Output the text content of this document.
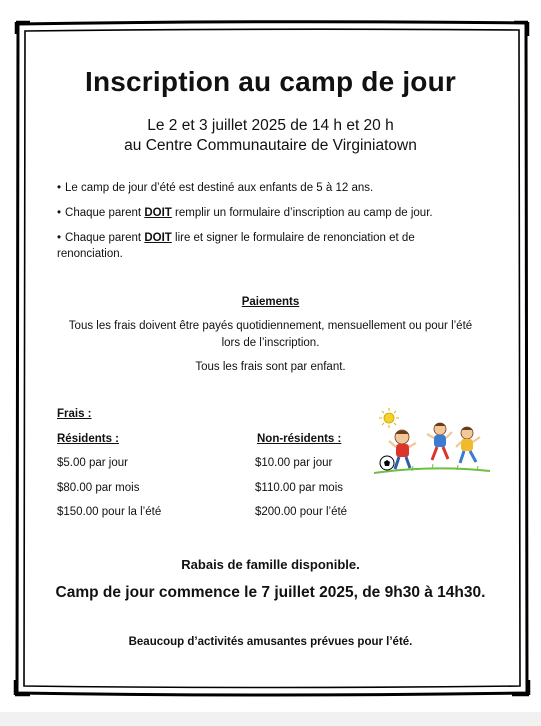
Inscription au camp de jour
Le 2 et 3 juillet 2025 de 14 h et 20 h
au Centre Communautaire de Virginiatown
• Le camp de jour d’été est destiné aux enfants de 5 à 12 ans.
• Chaque parent DOIT remplir un formulaire d’inscription au camp de jour.
• Chaque parent DOIT lire et signer le formulaire de renonciation et de renonciation.
Paiements
Tous les frais doivent être payés quotidiennement, mensuellement ou pour l’été
lors de l’inscription.
Tous les frais sont par enfant.
Frais :
Résidents :	Non-résidents :
$5.00 par jour
$80.00 par mois
$150.00 pour la l’été
$10.00 par jour
$110.00 par mois
$200.00 pour l’été
Rabais de famille disponible.
Camp de jour commence le 7 juillet 2025, de 9h30 à 14h30.
Beaucoup d’activités amusantes prévues pour l’été.
